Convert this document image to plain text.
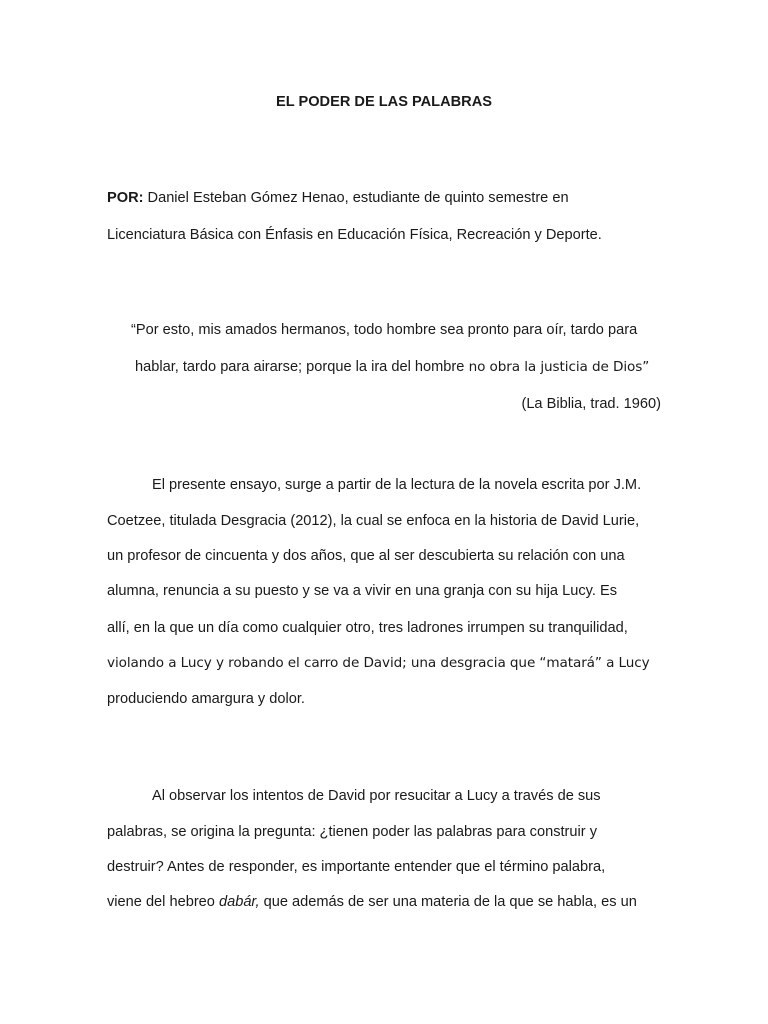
EL PODER DE LAS PALABRAS

POR: Daniel Esteban Gómez Henao, estudiante de quinto semestre en

Licenciatura Básica con Énfasis en Educación Física, Recreación y Deporte.

“Por esto, mis amados hermanos, todo hombre sea pronto para oír, tardo para

hablar, tardo para airarse; porque la ira del hombre no obra la justicia de Dios”

(La Biblia, trad. 1960)

El presente ensayo, surge a partir de la lectura de la novela escrita por J.M.

Coetzee, titulada Desgracia (2012), la cual se enfoca en la historia de David Lurie,

un profesor de cincuenta y dos años, que al ser descubierta su relación con una

alumna, renuncia a su puesto y se va a vivir en una granja con su hija Lucy. Es

allí, en la que un día como cualquier otro, tres ladrones irrumpen su tranquilidad,

violando a Lucy y robando el carro de David; una desgracia que “matará” a Lucy

produciendo amargura y dolor.

Al observar los intentos de David por resucitar a Lucy a través de sus

palabras, se origina la pregunta: ¿tienen poder las palabras para construir y

destruir? Antes de responder, es importante entender que el término palabra,

viene del hebreo dabár, que además de ser una materia de la que se habla, es un
